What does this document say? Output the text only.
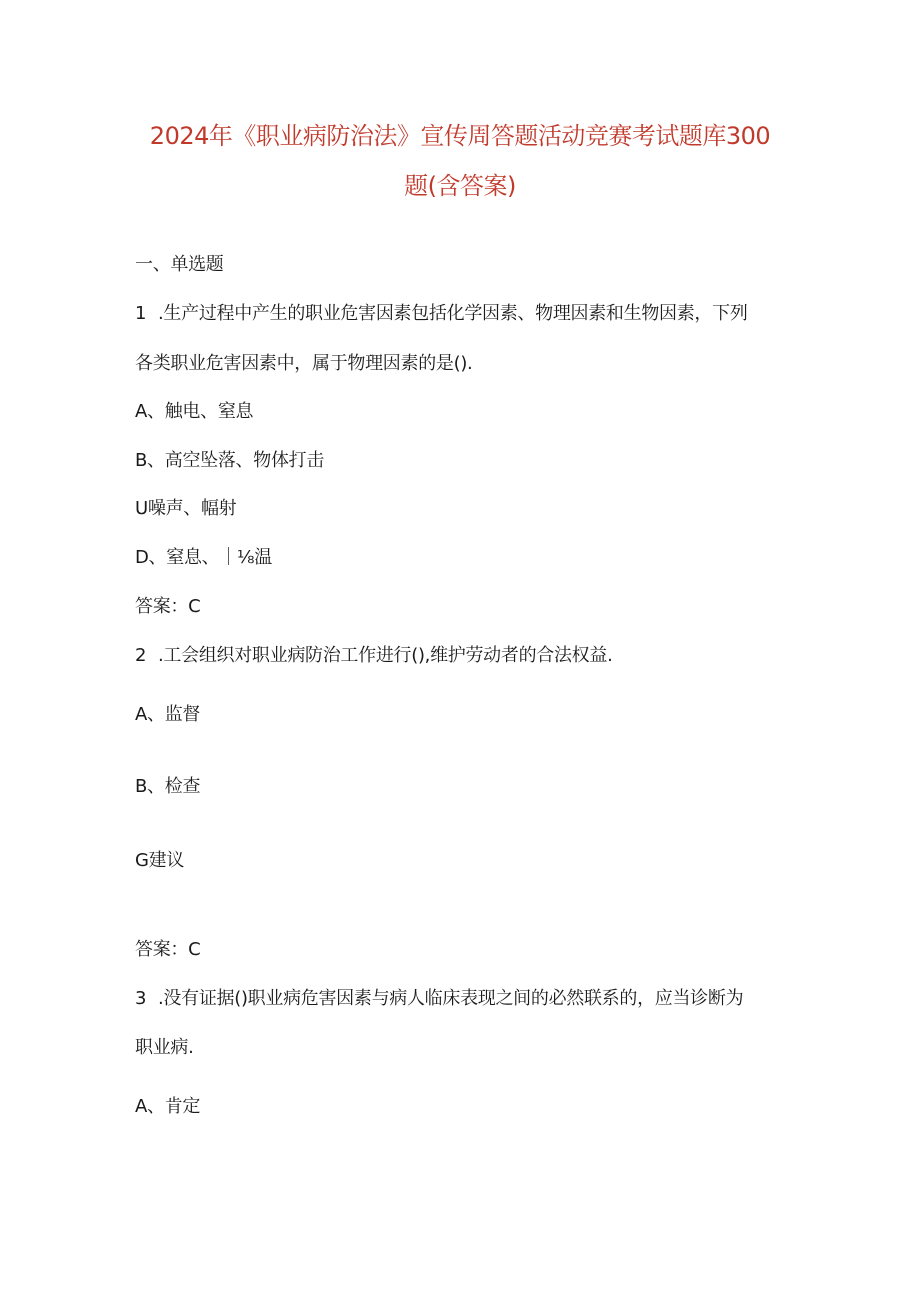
2024年《职业病防治法》宣传周答题活动竞赛考试题库300
题(含答案)
一、单选题
1 .生产过程中产生的职业危害因素包括化学因素、物理因素和生物因素，下列
各类职业危害因素中，属于物理因素的是().
A、触电、窒息
B、高空坠落、物体打击
U噪声、幅射
D、窒息、｜⅛温
答案：C
2 .工会组织对职业病防治工作进行(),维护劳动者的合法权益.
A、监督
B、检查
G建议
答案：C
3 .没有证据()职业病危害因素与病人临床表现之间的必然联系的，应当诊断为
职业病.
A、肯定
